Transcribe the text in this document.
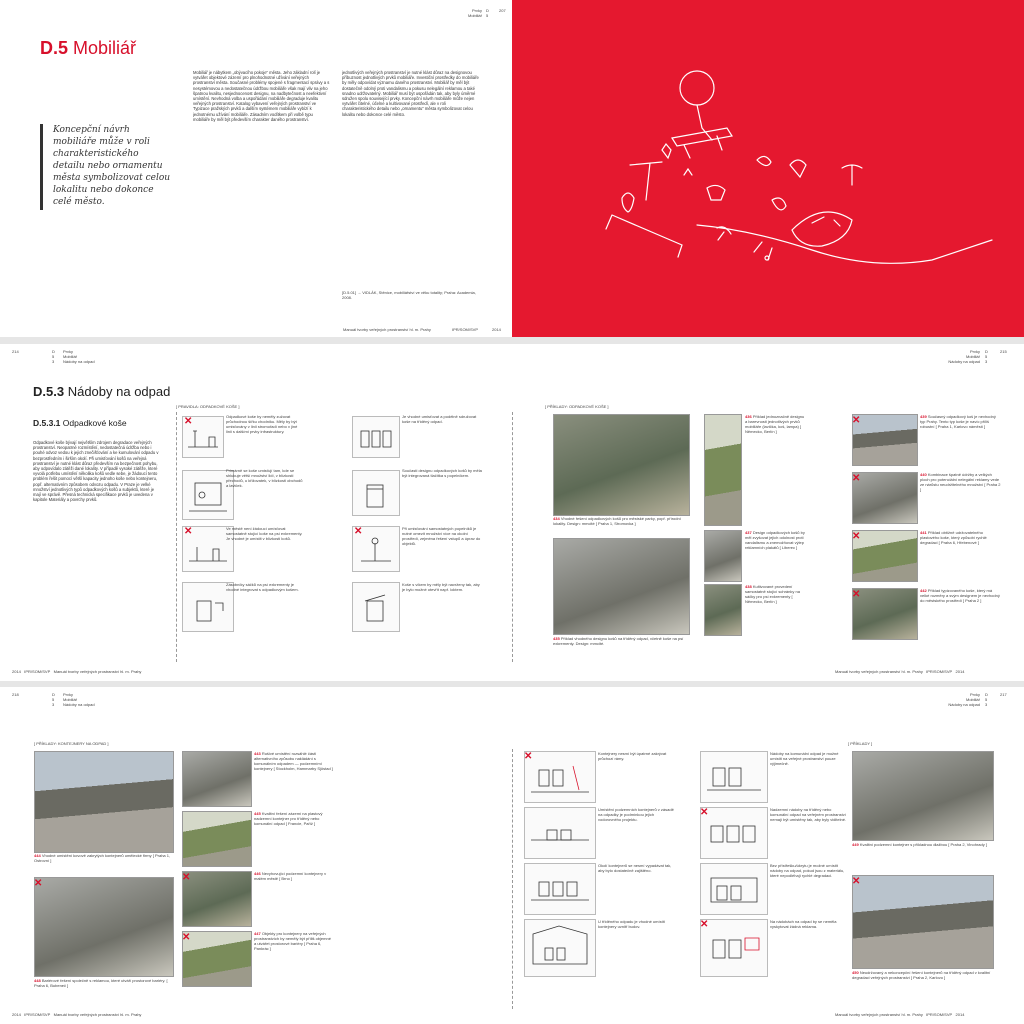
Prvky
Mobiliář
D
5
207
D.5 Mobiliář
Koncepční návrh mobiliáře může v roli charakteristického detailu nebo ornamentu města symbolizovat celou lokalitu nebo dokonce celé město.
Mobiliář je nábytkem „obývacího pokoje“ města. Jeho základní rolí je vytvářet objektové zázemí pro plnohodnotné užívání veřejných prostranství města. Současné problémy spojené s fragmentací správy a s nesystémovou a nedostatečnou údržbou mobiliáře však mají vliv na jeho špatnou kvalitu, nesjednocenost designu, na nadbytečnost a neefektivní umístění. Nevhodná volba a uspořádání mobiliáře degraduje kvalitu veřejných prostranství. Katalog vybavení veřejných prostranství ve Typizace pražských prvků a dalším systémem mobiliáře vybízí k jednotnému užívání mobiliáře. Zásadním vodítkem při volbě typu mobiliáře by měl být především charakter daného prostranství.
jednotlivých veřejných prostranství je nutné klást důraz na designovou příbuznost jednotlivých prvků mobiliáře. Investiční prostředky do mobiliáře by měly odpovídat významu daného prostranství. Mobiliář by měl být dostatečně odolný proti vandalismu a pokusu nelegální reklamou a také snadno udržovatelný. Mobiliář musí být uspořádán tak, aby byly úměrné sdružen spolu související prvky. Koncepční návrh mobiliáře může nejen vytvářet čitelné, účelné a kultivované prostředí, ale v roli charakteristického detailu nebo „ornamentu“ města symbolizovat celou lokalitu nebo dokonce celé město.
[D.5.01] → VIDLÁK, Stěnice, mobiliářství ve věku totality; Praha: Academia, 2008.
Manuál tvorby veřejných prostranství hl. m. Prahy	IPR/SOM/SVP	2014
214	D
5
3
Prvky
Mobiliář
Nádoby na odpad
Prvky
Mobiliář
Nádoby na odpad
D
5
3
215
D.5.3 Nádoby na odpad
D.5.3.1 Odpadkové koše
Odpadkové koše bývají největším zdrojem degradace veřejných prostranství. Neopatrné rozmístění, nedostatečná údržba nebo i pouhé odvoz vedou k jejich znečišťování a ke kumulování odpadu v bezprostředním i širším okolí. Při umisťování košů na veřejná prostranství je nutné klást důraz především na bezpečnost pohybu, aby odpovídalo zátěži dané lokality. V případě vysoké zátěže, které vyvolá potřebu umístění několika košů vedle sebe, je žádoucí tento problém řešit pomocí větší kapacity jednoho koše nebo kontejneru, popř. alternativním způsobem odvozu odpadu. V Praze je velké množství jednotlivých typů odpadkových košů a subjektů, které je mají ve správě. Přesná technická specifikace prvků je uvedena v kapitole Materiály a povrchy prvků.
[ PRAVIDLA: ODPADKOVÉ KOŠE ]
✕	Odpadkové koše by neměly zužovat průchodnou šířku chodníku. Měly by být umisťovány v linii stromořadí nebo v jiné linii s dalšími prvky infrastruktury.
Je vhodné umisťovat a podélně sdružovat koše na tříděný odpad.
Primárně se koše umisťují tam, kde se shlukuje větší množství lidí, v blízkosti přechodů, u křižovatek, v blízkosti obchodů a laviček.
Současti designu odpadkových košů by měla být integrovaná tlačítka s popelníkem.
✕	Ve městě není žádoucí umísťovat samostatně stojící koše na psí exkrementy. Je vhodné je umístit v blízkosti košů.
✕	Při umisťování samostatných popelníků je nutné omezit množství více na okolní prostředí, zejména řešení vstupů a úprav do objektů.
Zásobníky sáčků na psí exkrementy je vhodné integrovat s odpadkovým košem.
Koše s víkem by měly být navrženy tak, aby je bylo možné otevřít např. loktem.
[ PŘÍKLADY: ODPADKOVÉ KOŠE ]
434 Vhodné řešení odpadkových košů pro městské parky, popř. přírodní lokality. Design: mmcité [ Praha 1, Stromovka ]
435 Příklad vhodného designu košů na tříděný odpad, včetně koše na psí exkrementy. Design: mmcité.
436 Příklad jednoznačně designu a barevnosti jednotlivých prvků mobiliáře (lavička, koš, lampa) [ Německo, Berlín ]
437 Design odpadkových košů by měl zvyšovat jejich odolnost proti vandalismu a znemožňovat výlep reklamních plakátů [ Liberec ]
438 Kultivované provedení samostatně stojící schránky na sáčky pro psí exkrementy [ Německo, Berlín ]
✕	439 Současný odpadkový koš je nevhodný typ Prahy. Tento typ koše je navíc příliš robustní [ Praha 1, Karlovo náměstí ]
✕	440 Kombinace špatně údržby a velkých ploch pro potenciální nelegální reklamy vede ze nárůstu neudržitelného množství [ Praha 2 ]
✕	441 Příklad obtížně udržovatelného plastového koše, který způsobí rychlé degradaci [ Praha 6, Hřebenové ]
✕	442 Příklad typizovaného koše, který má velké rozměry a svým designem je nevhodný do městského prostředí [ Praha 2 ]
2014 IPR/SOM/SVP Manuál tvorby veřejných prostranství hl. m. Prahy	Manuál tvorby veřejných prostranství hl. m. Prahy IPR/SOM/SVP 2014
218	D
5
3
Prvky
Mobiliář
Nádoby na odpad
Prvky
Mobiliář
Nádoby na odpad
D
5
3
217
[ PŘÍKLADY: KONTEJNERY NA ODPAD ]	[ PŘÍKLADY ]
444 Vhodné umístění kovově zakrytých kontejnerů umělecké firmy [ Praha 1, Ostrovní ]
✕
448 Bariérové řešení společně s reklamou, které utváří prostorové bariéry. [ Praha 6, Bubeneč ]
443 Rušivé umístění rozsáhlé části alternativního způsobu nakládání s komunálním odpadem — podzemními kontejnery [ Stockholm, Hammarby Sjöstad ]
445 Kvalitní řešení zázemí na plastový nadzemní kontejner pro tříděný nebo komunální odpad [ Francie, Paříž ]
✕	446 Nevyhovující podzemní kontejnery v malém městě [ Brno ]
✕	447 Objekty pro kontejnery na veřejných prostranstvích by neměly být příliš objemné a utvářet prostorové bariéry [ Praha 6, Pankrác ]
✕	Kontejnery nesmí být úpatrné zakrývat průchozí rámy.
Umístění podzemních kontejnerů v zásadě na odpadky je podmínkou jejich vodorovného projektu.
Okolí kontejnerů se nesmí vypadávat tak, aby bylo dostatečně zajištěno.
U tříděného odpadu je vhodné umístit kontejnery uvnitř budov.
Nádoby na komunální odpad je možné umístit na veřejné prostranství pouze výjimečně.
✕	Nadzemní nádoby na tříděný nebo komunální odpad na veřejném prostranství nemají být umístěny tak, aby byly viditelné.
Bez přístřešku/úkrytu je možné umístit nádoby na odpad, pokud jsou z materiálu, které nepodléhají rychlé degradaci.
✕	Na nádobách na odpad by se neměla vyskytovat žádná reklama.
449 Kvalitní podzemní kontejner s příkladnou dlažbou [ Praha 2, Vinohrady ]
✕
450 Neudržovaný a nekoncepční řešení kontejnerů na tříděný odpad v kvalitní degradaci veřejných prostranství [ Praha 2, Karlovo ]
2014 IPR/SOM/SVP Manuál tvorby veřejných prostranství hl. m. Prahy	Manuál tvorby veřejných prostranství hl. m. Prahy IPR/SOM/SVP 2014
